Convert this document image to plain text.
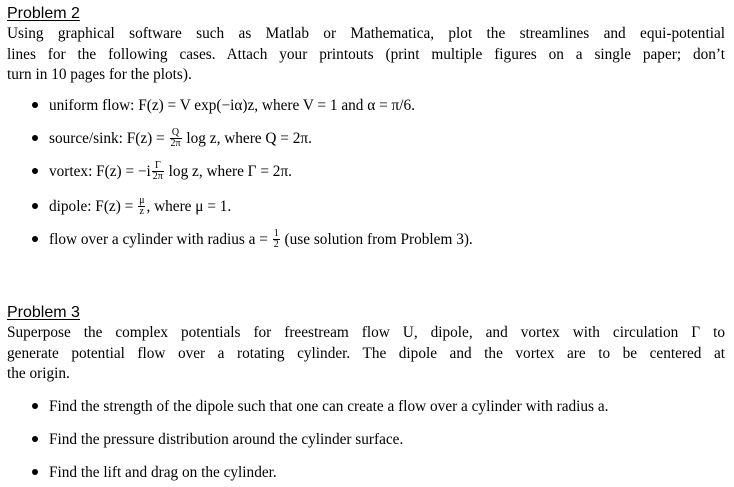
Problem 2
Using graphical software such as Matlab or Mathematica, plot the streamlines and equi-potential
lines for the following cases. Attach your printouts (print multiple figures on a single paper; don’t
turn in 10 pages for the plots).
uniform flow: F(z) = V exp(−iα)z, where V = 1 and α = π/6.
source/sink: $F(z) = \frac{Q}{2\pi}$ log z, where Q = 2π.
vortex: $F(z) = -i \frac{\Gamma}{2\pi}$ log z, where Γ = 2π.
dipole: $F(z) = \frac{\mu}{z}$ , where μ = 1.
flow over a cylinder with radius $a = \frac{1}{2} (use$ solution from Problem 3).
Problem 3
Superpose the complex potentials for freestream flow U, dipole, and vortex with circulation Γ to
generate potential flow over a rotating cylinder. The dipole and the vortex are to be centered at
the origin.
Find the strength of the dipole such that one can create a flow over a cylinder with radius a.
Find the pressure distribution around the cylinder surface.
Find the lift and drag on the cylinder.
